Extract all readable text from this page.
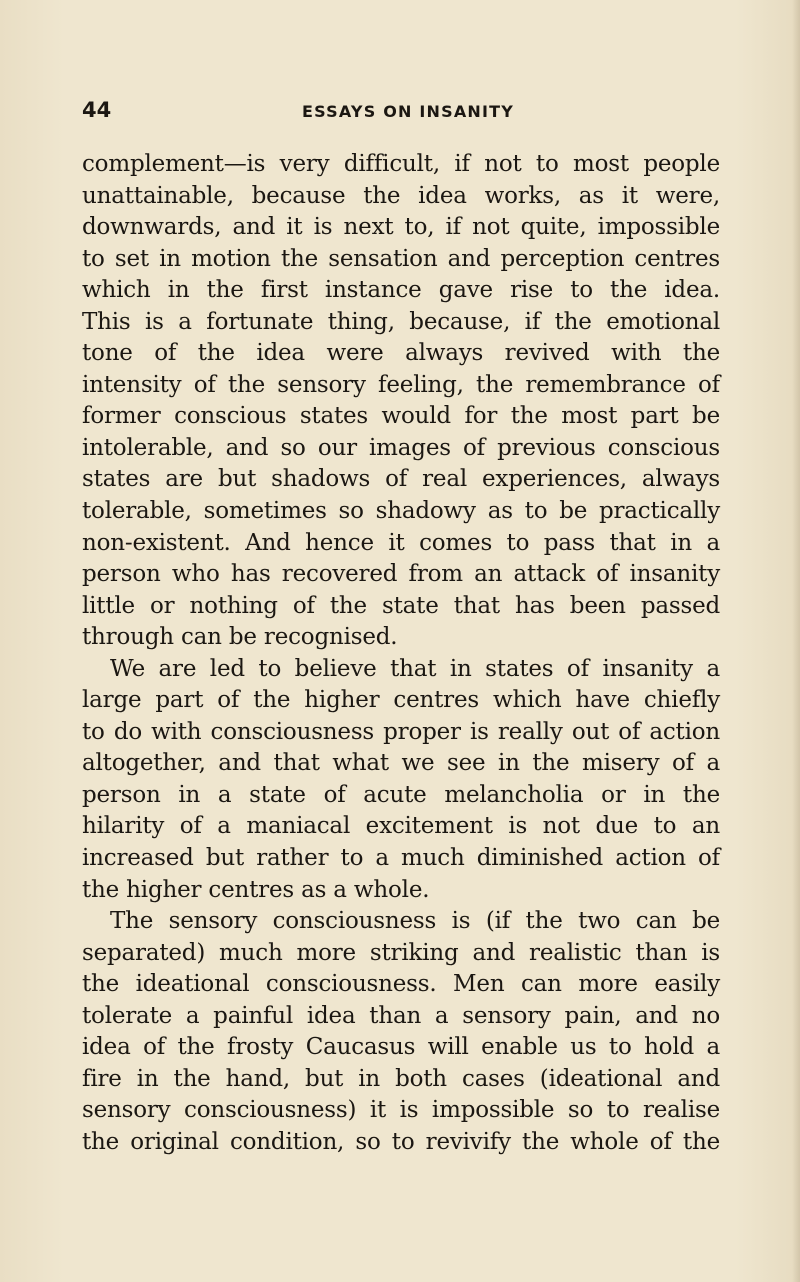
44	ESSAYS ON INSANITY
complement—is very difficult, if not to most people
unattainable, because the idea works, as it were,
downwards, and it is next to, if not quite, impossible
to set in motion the sensation and perception centres
which in the first instance gave rise to the idea.
This is a fortunate thing, because, if the emotional
tone of the idea were always revived with the
intensity of the sensory feeling, the remembrance of
former conscious states would for the most part be
intolerable, and so our images of previous conscious
states are but shadows of real experiences, always
tolerable, sometimes so shadowy as to be practically
non-existent. And hence it comes to pass that in a
person who has recovered from an attack of insanity
little or nothing of the state that has been passed
through can be recognised.
We are led to believe that in states of insanity a
large part of the higher centres which have chiefly
to do with consciousness proper is really out of action
altogether, and that what we see in the misery of a
person in a state of acute melancholia or in the
hilarity of a maniacal excitement is not due to an
increased but rather to a much diminished action of
the higher centres as a whole.
The sensory consciousness is (if the two can be
separated) much more striking and realistic than is
the ideational consciousness. Men can more easily
tolerate a painful idea than a sensory pain, and no
idea of the frosty Caucasus will enable us to hold a
fire in the hand, but in both cases (ideational and
sensory consciousness) it is impossible so to realise
the original condition, so to revivify the whole of the
